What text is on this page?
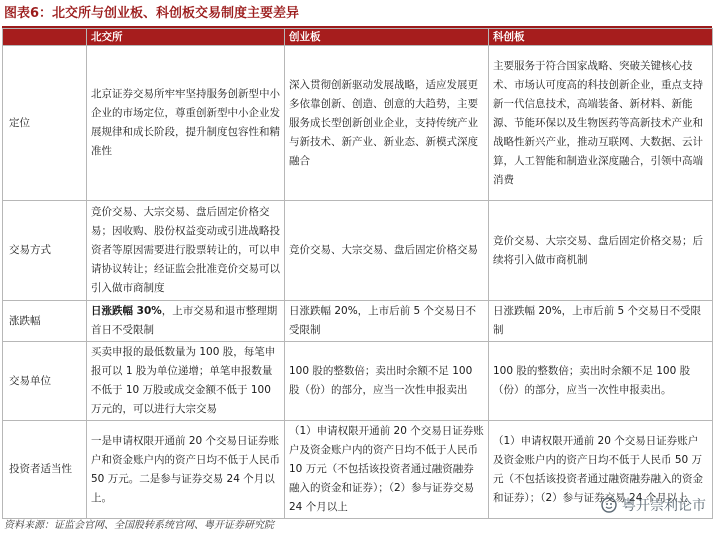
图表6：北交所与创业板、科创板交易制度主要差异
	北交所	创业板	科创板
定位	北京证券交易所牢牢坚持服务创新型中小企业的市场定位，尊重创新型中小企业发展规律和成长阶段，提升制度包容性和精准性	深入贯彻创新驱动发展战略，适应发展更多依靠创新、创造、创意的大趋势，主要服务成长型创新创业企业，支持传统产业与新技术、新产业、新业态、新模式深度融合	主要服务于符合国家战略、突破关键核心技术、市场认可度高的科技创新企业，重点支持新一代信息技术，高端装备、新材料、新能源、节能环保以及生物医药等高新技术产业和战略性新兴产业，推动互联网、大数据、云计算，人工智能和制造业深度融合，引领中高端消费
交易方式	竞价交易、大宗交易、盘后固定价格交易；因收购、股份权益变动或引进战略投资者等原因需要进行股票转让的，可以申请协议转让；经证监会批准竞价交易可以引入做市商制度	竞价交易、大宗交易、盘后固定价格交易	竞价交易、大宗交易、盘后固定价格交易；后续将引入做市商机制
涨跌幅	日涨跌幅 30%，上市交易和退市整理期首日不受限制	日涨跌幅 20%，上市后前 5 个交易日不受限制	日涨跌幅 20%，上市后前 5 个交易日不受限制
交易单位	买卖申报的最低数量为 100 股，每笔申报可以 1 股为单位递增；单笔申报数量不低于 10 万股或成交金额不低于 100 万元的，可以进行大宗交易	100 股的整数倍；卖出时余额不足 100 股（份）的部分，应当一次性申报卖出	100 股的整数倍；卖出时余额不足 100 股（份）的部分，应当一次性申报卖出。
投资者适当性	一是申请权限开通前 20 个交易日证券账户和资金账户内的资产日均不低于人民币 50 万元。二是参与证券交易 24 个月以上。	（1）申请权限开通前 20 个交易日证券账户及资金账户内的资产日均不低于人民币 10 万元（不包括该投资者通过融资融券融入的资金和证券）；（2）参与证券交易 24 个月以上	（1）申请权限开通前 20 个交易日证券账户及资金账户内的资产日均不低于人民币 50 万元（不包括该投资者通过融资融券融入的资金和证券）；（2）参与证券交易 24 个月以上
粤开崇利论市
资料来源：证监会官网、全国股转系统官网、粤开证券研究院
